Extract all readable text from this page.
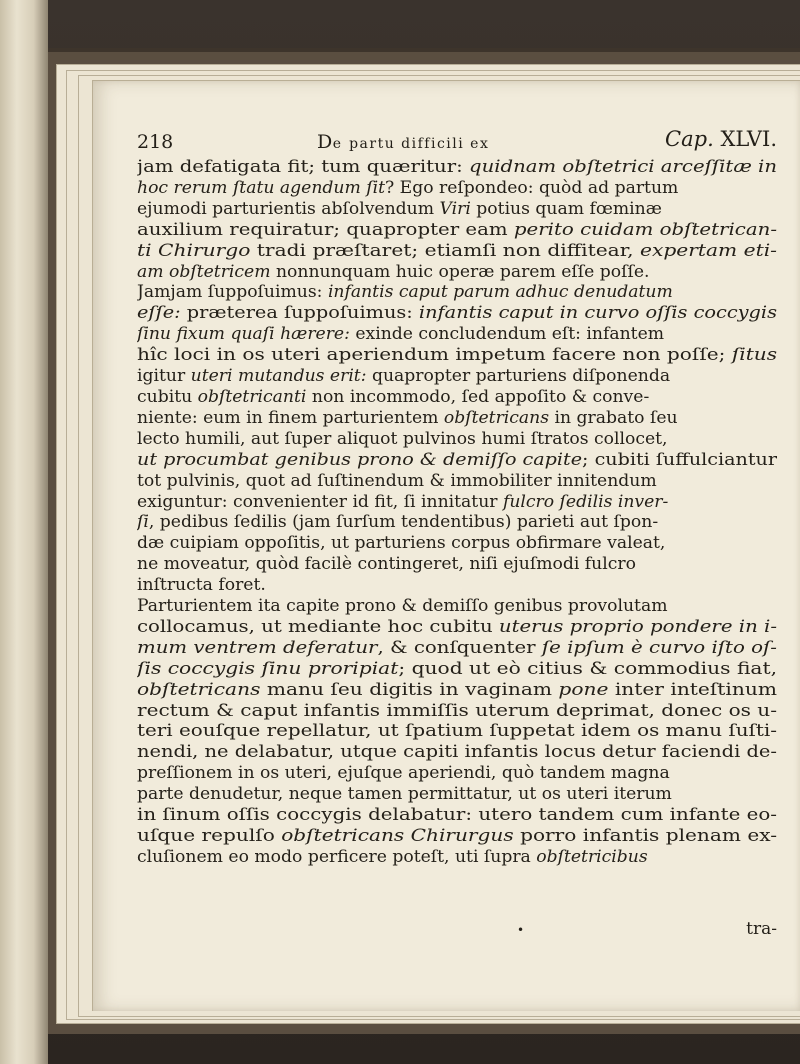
218	De partu difficili ex	Cap. XLVI.
jam defatigata fit; tum quæritur: quidnam obſtetrici arceſſitæ in
hoc rerum ſtatu agendum ſit? Ego reſpondeo: quòd ad partum
ejumodi parturientis abſolvendum Viri potius quam fœminæ
auxilium requiratur; quapropter eam perito cuidam obſtetrican-
ti Chirurgo tradi præſtaret; etiamſi non diffitear, expertam eti-
am obſtetricem nonnunquam huic operæ parem eſſe poſſe.
Jamjam ſuppoſuimus: infantis caput parum adhuc denudatum
eſſe: præterea ſuppoſuimus: infantis caput in curvo oſſis coccygis
ſinu fixum quaſi hærere: exinde concludendum eſt: infantem
hîc loci in os uteri aperiendum impetum facere non poſſe; ſitus
igitur uteri mutandus erit: quapropter parturiens diſponenda
cubitu obſtetricanti non incommodo, ſed appoſito & conve-
niente: eum in finem parturientem obſtetricans in grabato ſeu
lecto humili, aut ſuper aliquot pulvinos humi ſtratos collocet,
ut procumbat genibus prono & demiſſo capite; cubiti ſuffulciantur
tot pulvinis, quot ad ſuſtinendum & immobiliter innitendum
exiguntur: convenienter id fit, ſi innitatur fulcro ſedilis inver-
ſi, pedibus ſedilis (jam ſurſum tendentibus) parieti aut ſpon-
dæ cuipiam oppoſitis, ut parturiens corpus obfirmare valeat,
ne moveatur, quòd facilè contingeret, niſi ejuſmodi fulcro
inſtructa foret.
Parturientem ita capite prono & demiſſo genibus provolutam
collocamus, ut mediante hoc cubitu uterus proprio pondere in i-
mum ventrem deferatur, & conſquenter ſe ipſum è curvo iſto oſ-
ſis coccygis ſinu proripiat; quod ut eò citius & commodius fiat,
obſtetricans manu ſeu digitis in vaginam pone inter inteſtinum
rectum & caput infantis immiſſis uterum deprimat, donec os u-
teri eouſque repellatur, ut ſpatium ſuppetat idem os manu ſuſti-
nendi, ne delabatur, utque capiti infantis locus detur faciendi de-
preſſionem in os uteri, ejuſque aperiendi, quò tandem magna
parte denudetur, neque tamen permittatur, ut os uteri iterum
in ſinum oſſis coccygis delabatur: utero tandem cum infante eo-
uſque repulſo obſtetricans Chirurgus porro infantis plenam ex-
cluſionem eo modo perficere poteſt, uti ſupra obſtetricibus
•	tra-
